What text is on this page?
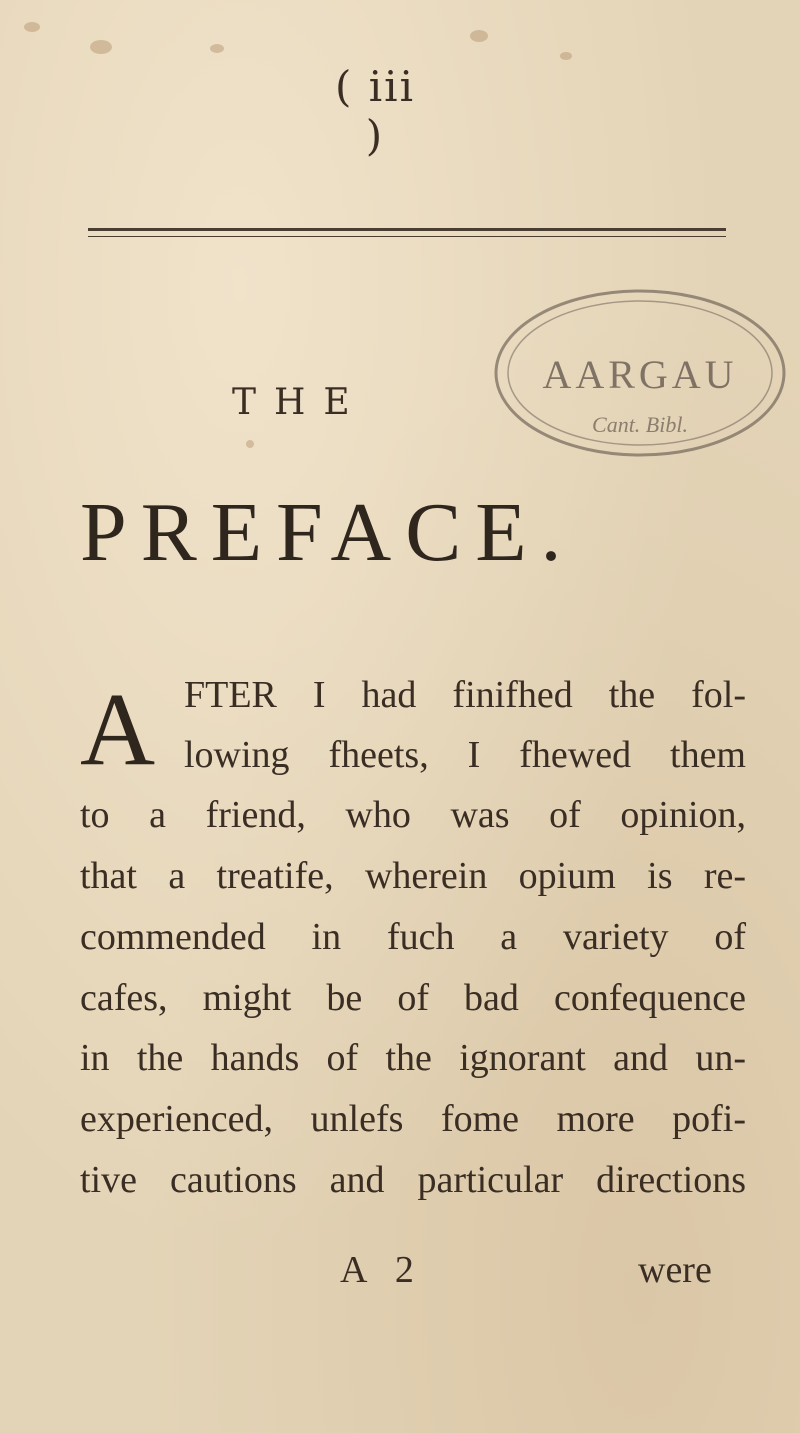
( iii )
THE
AARGAU
Cant. Bibl.
PREFACE.
A FTER I had finifhed the fol-
lowing fheets, I fhewed them
to a friend, who was of opinion,
that a treatife, wherein opium is re-
commended in fuch a variety of
cafes, might be of bad confequence
in the hands of the ignorant and un-
experienced, unlefs fome more pofi-
tive cautions and particular directions
A 2	were
